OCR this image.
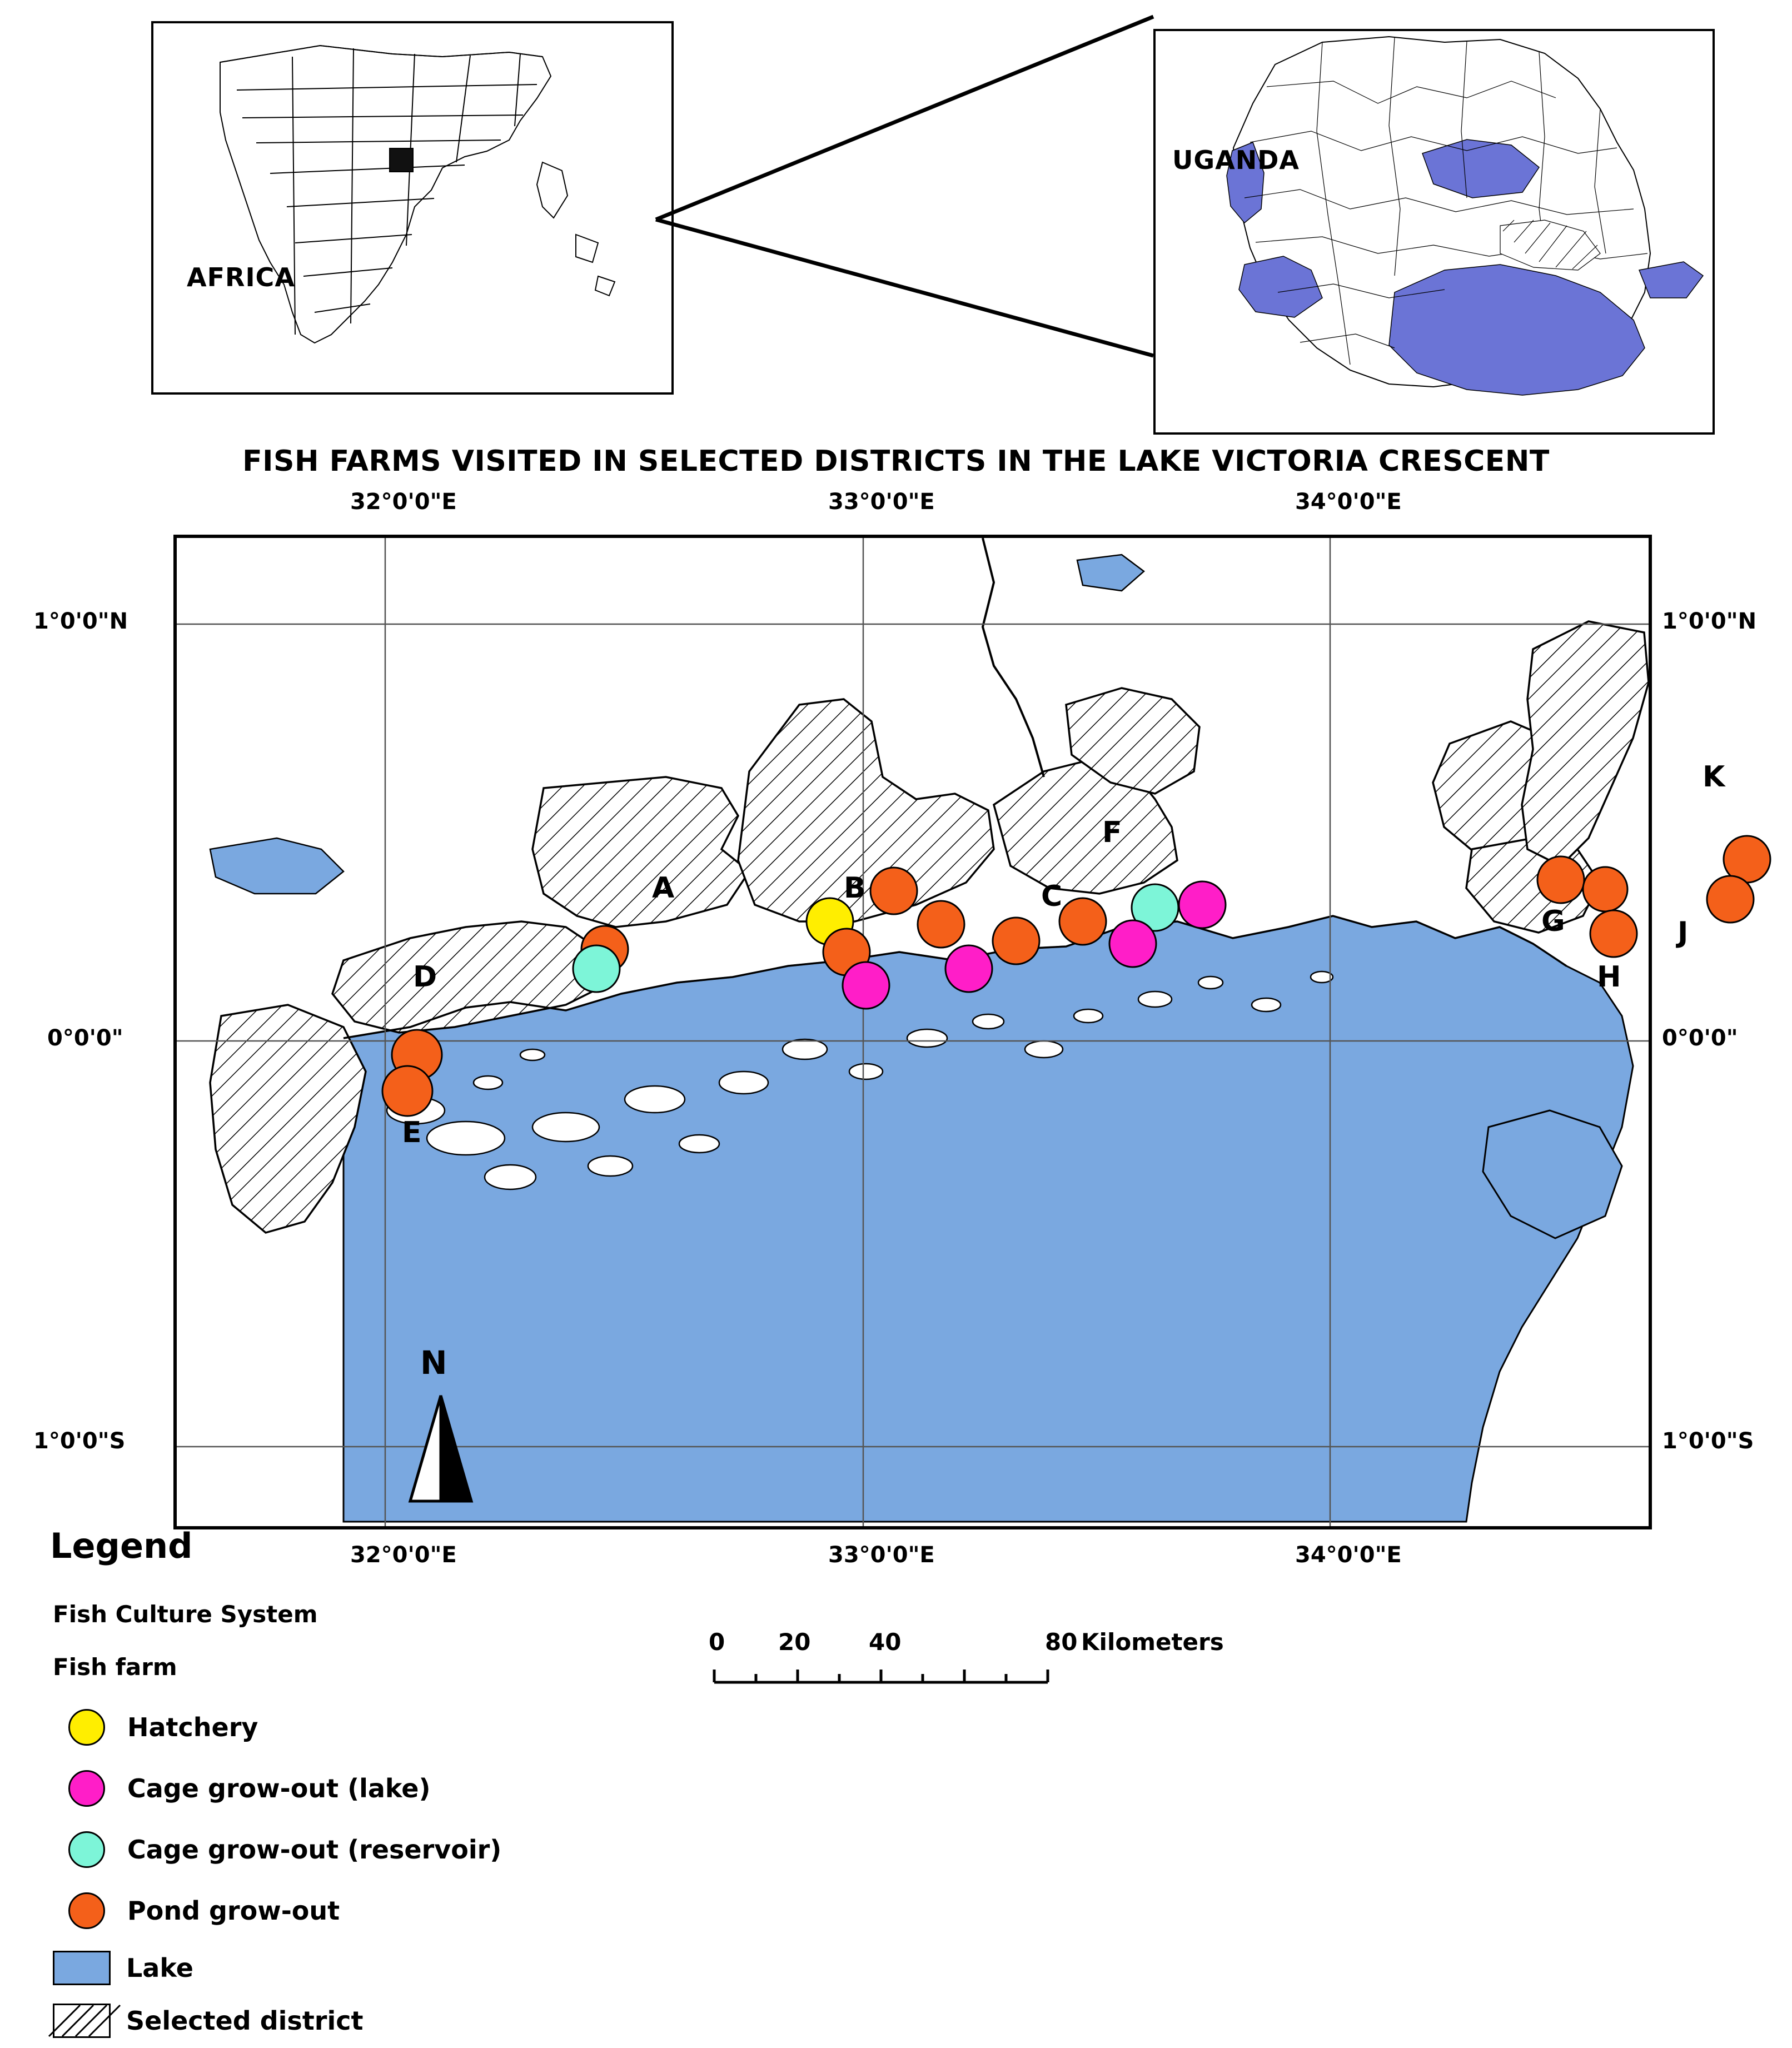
AFRICA
UGANDA
FISH FARMS VISITED IN SELECTED DISTRICTS IN THE LAKE VICTORIA CRESCENT
32°0'0"E	33°0'0"E	34°0'0"E
1°0'0"N
0°0'0"
1°0'0"S
1°0'0"N
0°0'0"
1°0'0"S
32°0'0"E	33°0'0"E	34°0'0"E
A	B	C
D
E
F
G
H
J
K
N
Legend
Fish Culture System
Fish farm
Hatchery
Cage grow-out (lake)
Cage grow-out (reservoir)
Pond grow-out
Lake
Selected district
0 20 40	80 Kilometers
